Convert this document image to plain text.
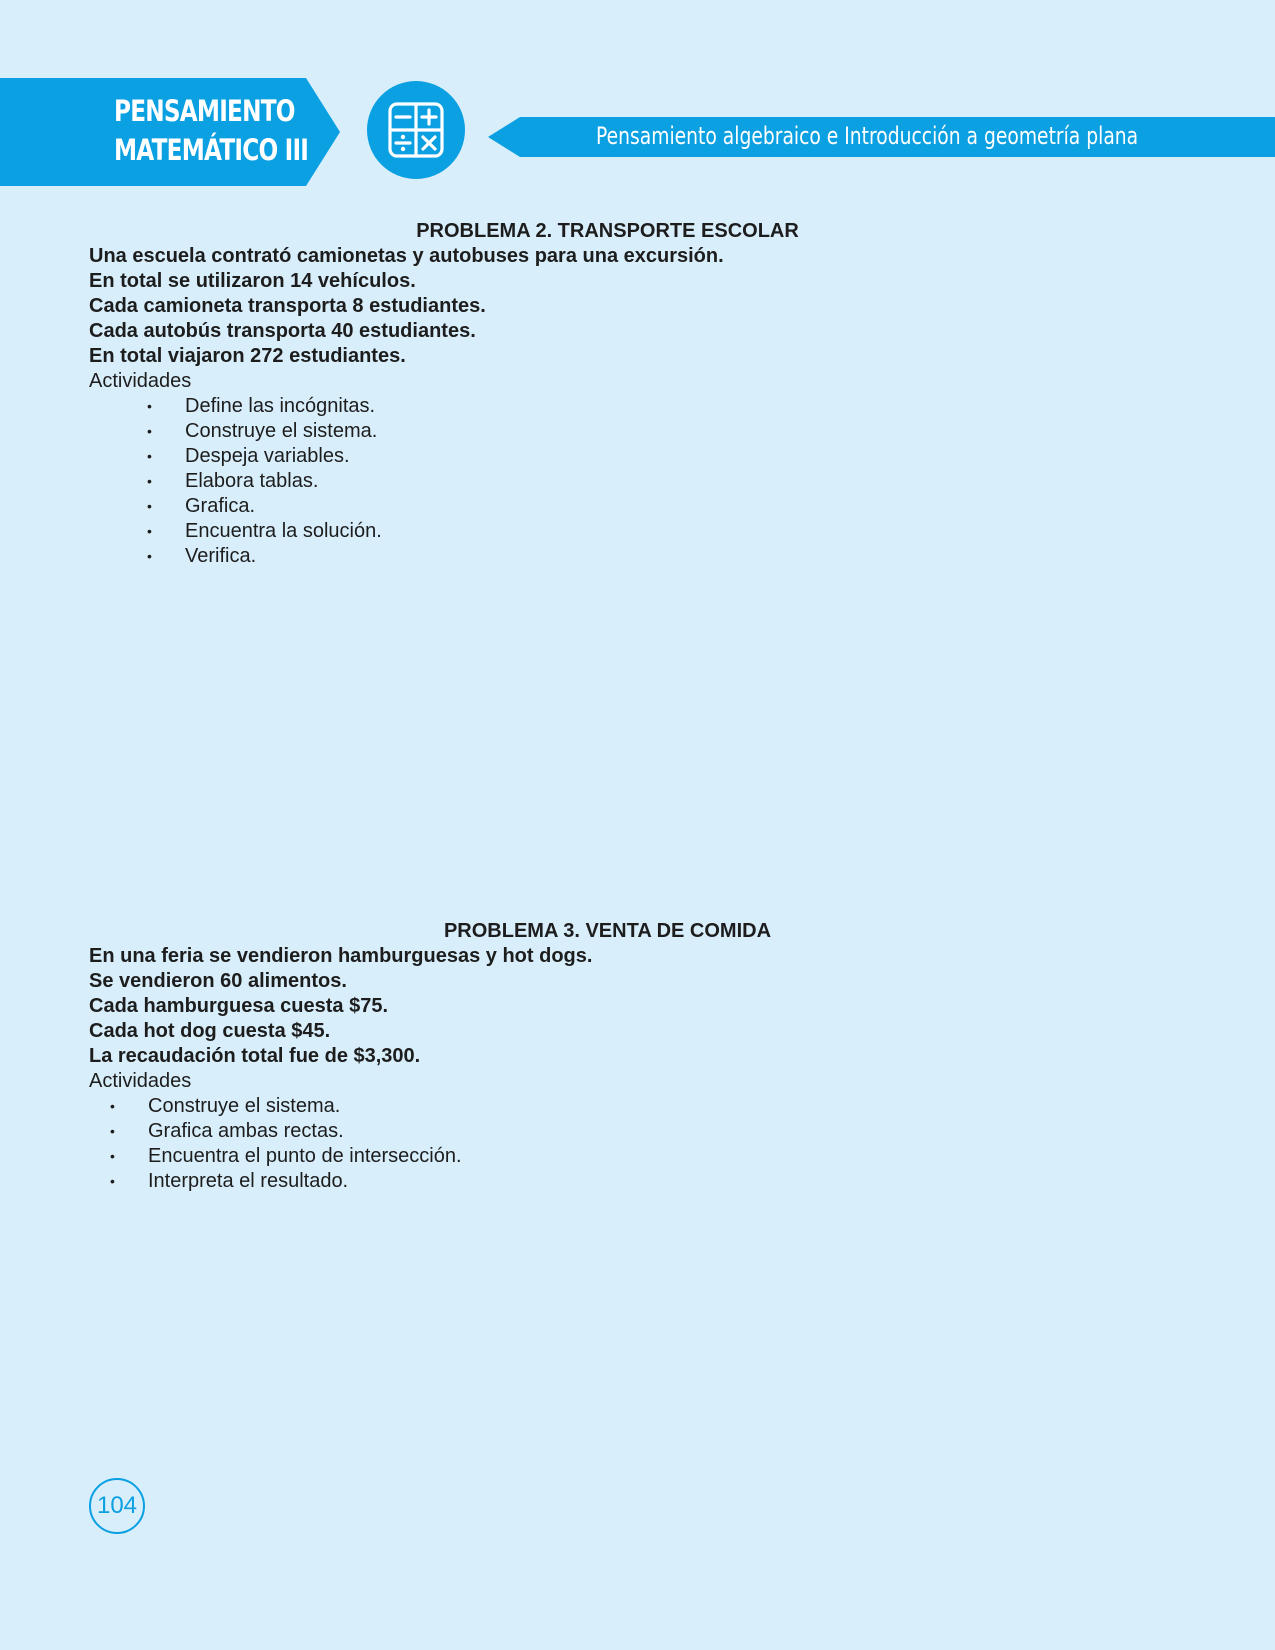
PENSAMIENTO
MATEMÁTICO III	Pensamiento algebraico e Introducción a geometría plana
PROBLEMA 2. TRANSPORTE ESCOLAR
Una escuela contrató camionetas y autobuses para una excursión.
En total se utilizaron 14 vehículos.
Cada camioneta transporta 8 estudiantes.
Cada autobús transporta 40 estudiantes.
En total viajaron 272 estudiantes.
Actividades
• Define las incógnitas.
• Construye el sistema.
• Despeja variables.
• Elabora tablas.
• Grafica.
• Encuentra la solución.
• Verifica.
PROBLEMA 3. VENTA DE COMIDA
En una feria se vendieron hamburguesas y hot dogs.
Se vendieron 60 alimentos.
Cada hamburguesa cuesta $75.
Cada hot dog cuesta $45.
La recaudación total fue de $3,300.
Actividades
• Construye el sistema.
• Grafica ambas rectas.
• Encuentra el punto de intersección.
• Interpreta el resultado.
104
